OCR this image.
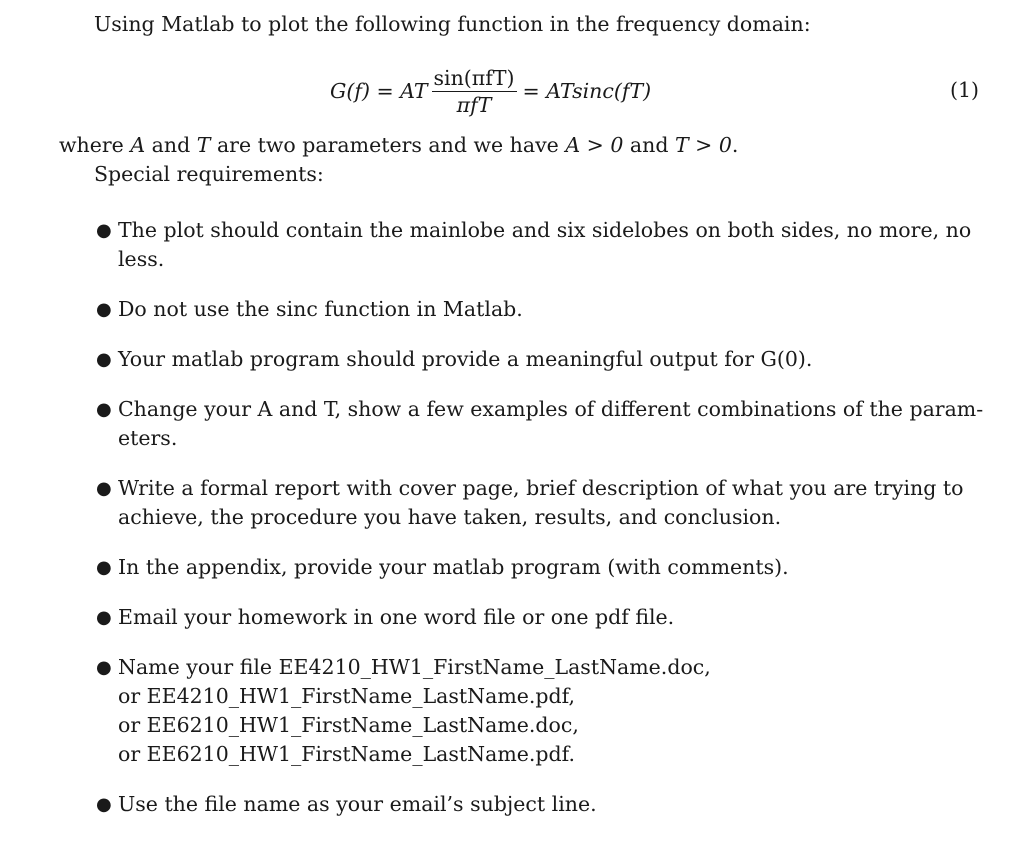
Using Matlab to plot the following function in the frequency domain:
G(f) = AT $\frac{\text{sin(πfT)}}{\text{πfT}} = ATsinc(fT)$	(1)
where A and T are two parameters and we have A > 0 and T > 0.
Special requirements:
● The plot should contain the mainlobe and six sidelobes on both sides, no more, no
less.
● Do not use the sinc function in Matlab.
● Your matlab program should provide a meaningful output for G(0).
● Change your A and T, show a few examples of different combinations of the param-
eters.
● Write a formal report with cover page, brief description of what you are trying to
achieve, the procedure you have taken, results, and conclusion.
● In the appendix, provide your matlab program (with comments).
● Email your homework in one word file or one pdf file.
● Name your file EE4210_HW1_FirstName_LastName.doc,
or EE4210_HW1_FirstName_LastName.pdf,
or EE6210_HW1_FirstName_LastName.doc,
or EE6210_HW1_FirstName_LastName.pdf.
● Use the file name as your email’s subject line.
